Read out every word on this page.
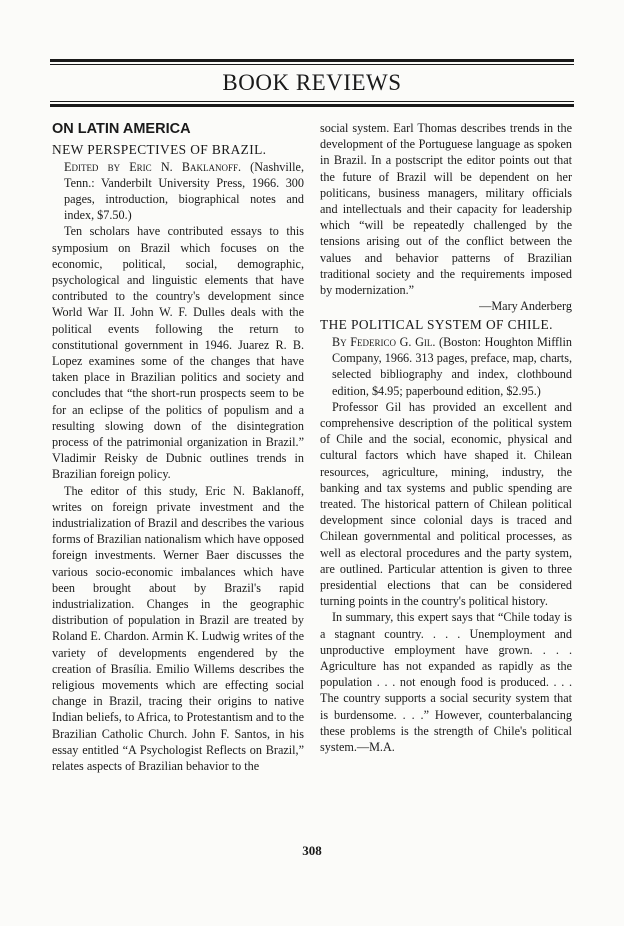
BOOK REVIEWS
ON LATIN AMERICA
NEW PERSPECTIVES OF BRAZIL.
Edited by Eric N. Baklanoff. (Nashville, Tenn.: Vanderbilt University Press, 1966. 300 pages, introduction, biographical notes and index, $7.50.)

Ten scholars have contributed essays to this symposium on Brazil which focuses on the economic, political, social, demographic, psychological and linguistic elements that have contributed to the country's development since World War II. John W. F. Dulles deals with the political events following the return to constitutional government in 1946. Juarez R. B. Lopez examines some of the changes that have taken place in Brazilian politics and society and concludes that “the short-run prospects seem to be for an eclipse of the politics of populism and a resulting slowing down of the disintegration process of the patrimonial organization in Brazil.” Vladimir Reisky de Dubnic outlines trends in Brazilian foreign policy.

The editor of this study, Eric N. Baklanoff, writes on foreign private investment and the industrialization of Brazil and describes the various forms of Brazilian nationalism which have opposed foreign investments. Werner Baer discusses the various socio-economic imbalances which have been brought about by Brazil's rapid industrialization. Changes in the geographic distribution of population in Brazil are treated by Roland E. Chardon. Armin K. Ludwig writes of the variety of developments engendered by the creation of Brasília. Emilio Willems describes the religious movements which are effecting social change in Brazil, tracing their origins to native Indian beliefs, to Africa, to Protestantism and to the Brazilian Catholic Church. John F. Santos, in his essay entitled “A Psychologist Reflects on Brazil,” relates aspects of Brazilian behavior to the

social system. Earl Thomas describes trends in the development of the Portuguese language as spoken in Brazil. In a postscript the editor points out that the future of Brazil will be dependent on her politicans, business managers, military officials and intellectuals and their capacity for leadership which “will be repeatedly challenged by the tensions arising out of the conflict between the values and behavior patterns of Brazilian traditional society and the requirements imposed by modernization.”

—Mary Anderberg

THE POLITICAL SYSTEM OF CHILE.
By Federico G. Gil. (Boston: Houghton Mifflin Company, 1966. 313 pages, preface, map, charts, selected bibliography and index, clothbound edition, $4.95; paperbound edition, $2.95.)

Professor Gil has provided an excellent and comprehensive description of the political system of Chile and the social, economic, physical and cultural factors which have shaped it. Chilean resources, agriculture, mining, industry, the banking and tax systems and public spending are treated. The historical pattern of Chilean political development since colonial days is traced and Chilean governmental and political processes, as well as electoral procedures and the party system, are outlined. Particular attention is given to three presidential elections that can be considered turning points in the country's political history.

In summary, this expert says that “Chile today is a stagnant country. . . . Unemployment and unproductive employment have grown. . . . Agriculture has not expanded as rapidly as the population . . . not enough food is produced. . . . The country supports a social security system that is burdensome. . . .” However, counterbalancing these problems is the strength of Chile's political system.—M.A.

308
